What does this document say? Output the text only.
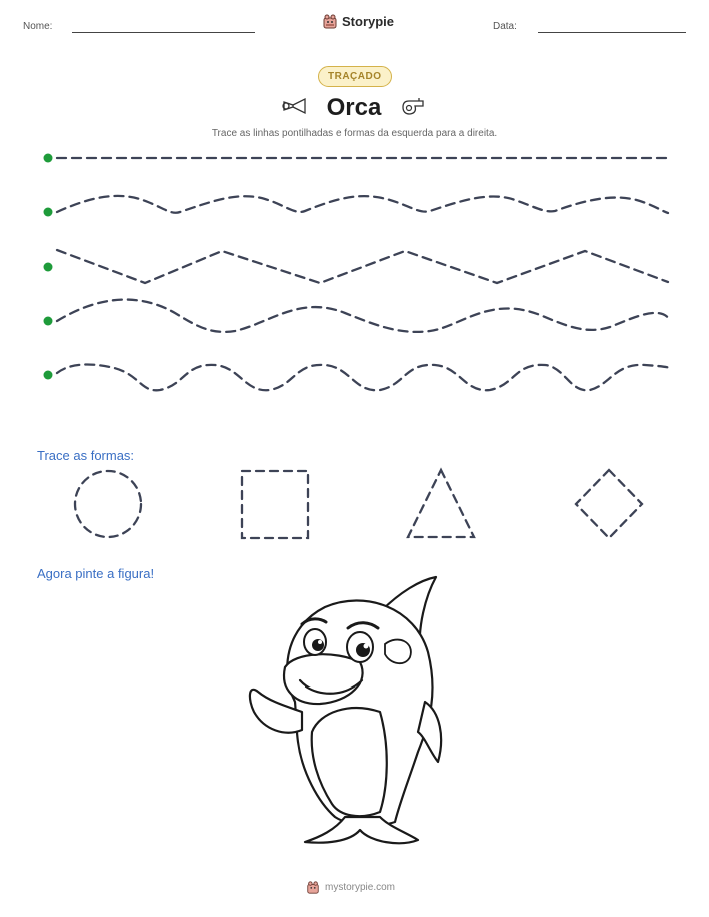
Nome:	Storypie	Data:
TRAÇADO
Orca
Trace as linhas pontilhadas e formas da esquerda para a direita.
Trace as formas:
Agora pinte a figura!
mystorypie.com
